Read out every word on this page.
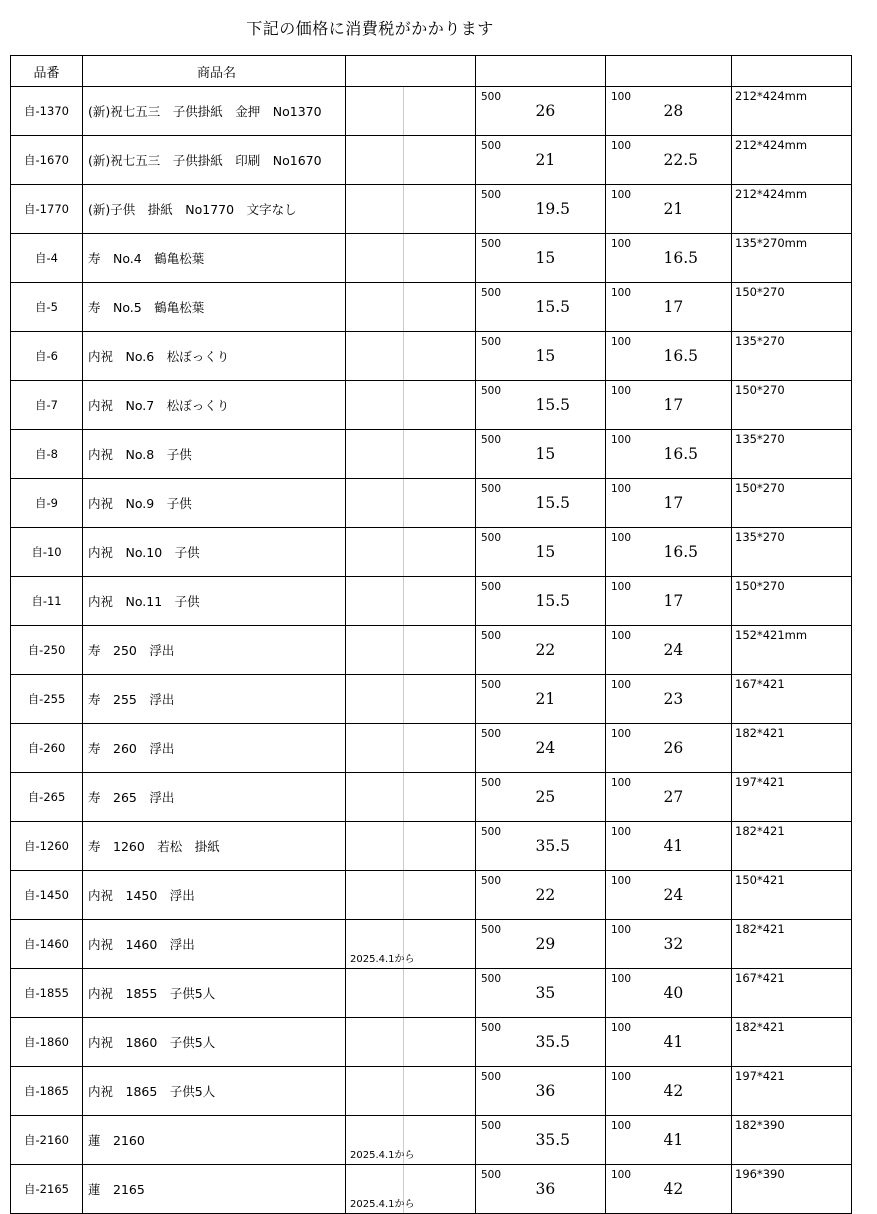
下記の価格に消費税がかかります
品番	商品名							
自-1370	(新)祝七五三　子供掛紙　金押　No1370			500	26	100	28	212*424mm
自-1670	(新)祝七五三　子供掛紙　印刷　No1670			500	21	100	22.5	212*424mm
自-1770	(新)子供　掛紙　No1770　文字なし			500	19.5	100	21	212*424mm
自-4	寿　No.4　鶴亀松葉			500	15	100	16.5	135*270mm
自-5	寿　No.5　鶴亀松葉			500	15.5	100	17	150*270
自-6	内祝　No.6　松ぼっくり			500	15	100	16.5	135*270
自-7	内祝　No.7　松ぼっくり			500	15.5	100	17	150*270
自-8	内祝　No.8　子供			500	15	100	16.5	135*270
自-9	内祝　No.9　子供			500	15.5	100	17	150*270
自-10	内祝　No.10　子供			500	15	100	16.5	135*270
自-11	内祝　No.11　子供			500	15.5	100	17	150*270
自-250	寿　250　浮出			500	22	100	24	152*421mm
自-255	寿　255　浮出			500	21	100	23	167*421
自-260	寿　260　浮出			500	24	100	26	182*421
自-265	寿　265　浮出			500	25	100	27	197*421
自-1260	寿　1260　若松　掛紙			500	35.5	100	41	182*421
自-1450	内祝　1450　浮出			500	22	100	24	150*421
自-1460	内祝　1460　浮出	2025.4.1から		500	29	100	32	182*421
自-1855	内祝　1855　子供5人			500	35	100	40	167*421
自-1860	内祝　1860　子供5人			500	35.5	100	41	182*421
自-1865	内祝　1865　子供5人			500	36	100	42	197*421
自-2160	蓮　2160	2025.4.1から		500	35.5	100	41	182*390
自-2165	蓮　2165	2025.4.1から		500	36	100	42	196*390
